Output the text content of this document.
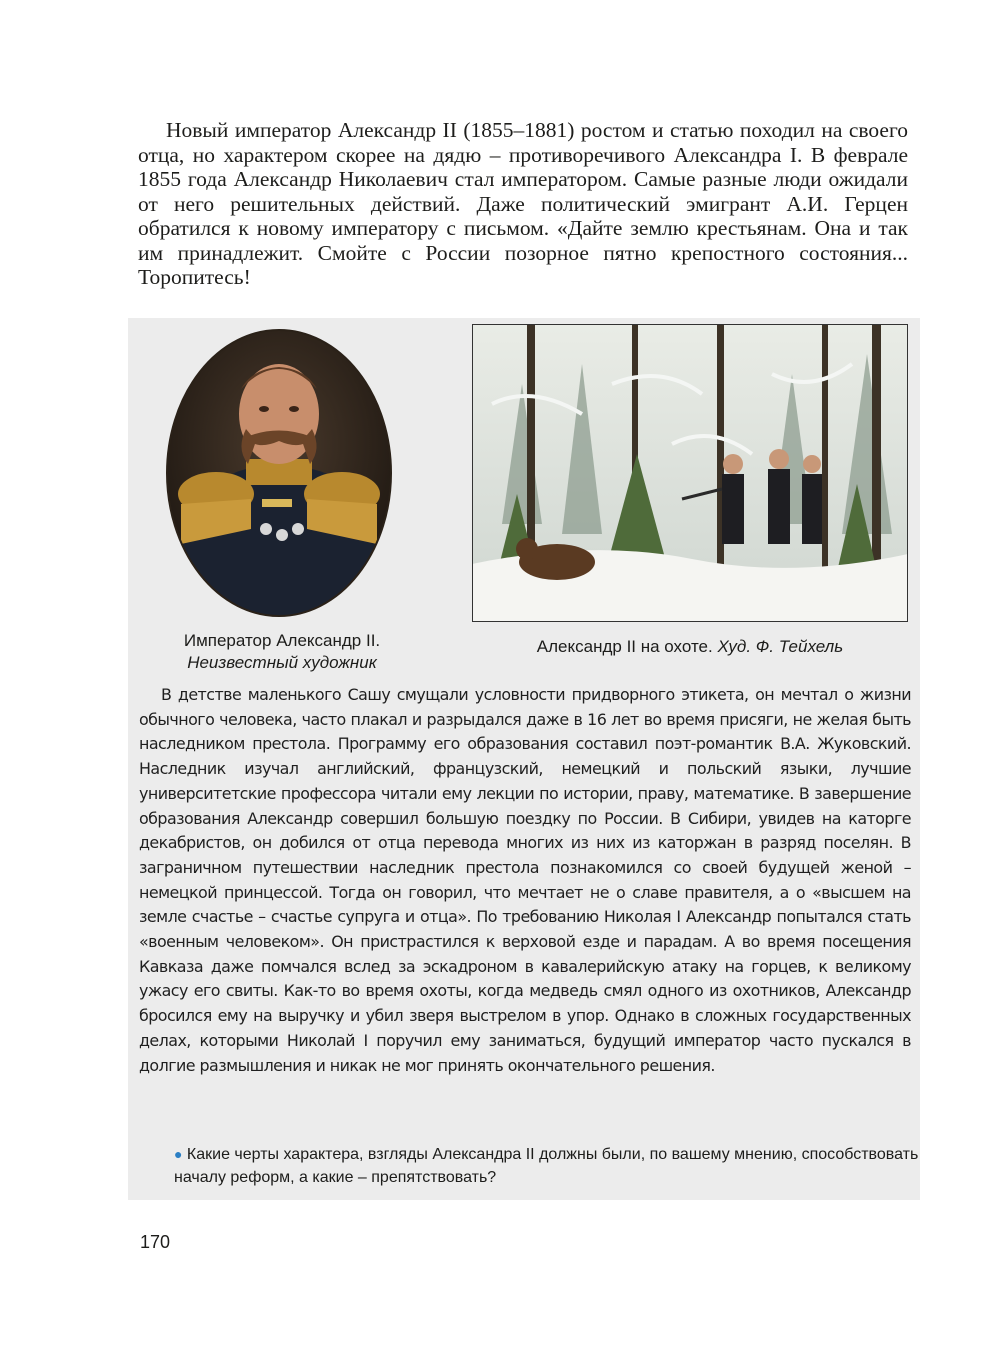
Новый император Александр II (1855–1881) ростом и статью походил на своего отца, но характером скорее на дядю – противоречивого Александра I. В феврале 1855 года Александр Николаевич стал императором. Самые разные люди ожидали от него решительных действий. Даже политический эмигрант А.И. Герцен обратился к новому императору с письмом. «Дайте землю крестьянам. Она и так им принадлежит. Смойте с России позорное пятно крепостного состояния... Торопитесь!

Император Александр II.
Неизвестный художник
Александр II на охоте. Худ. Ф. Тейхель

В детстве маленького Сашу смущали условности придворного этикета, он мечтал о жизни обычного человека, часто плакал и разрыдался даже в 16 лет во время присяги, не желая быть наследником престола. Программу его образования составил поэт-романтик В.А. Жуковский. Наследник изучал английский, французский, немецкий и польский языки, лучшие университетские профессора читали ему лекции по истории, праву, математике. В завершение образования Александр совершил большую поездку по России. В Сибири, увидев на каторге декабристов, он добился от отца перевода многих из них из каторжан в разряд поселян. В заграничном путешествии наследник престола познакомился со своей будущей женой – немецкой принцессой. Тогда он говорил, что мечтает не о славе правителя, а о «высшем на земле счастье – счастье супруга и отца». По требованию Николая I Александр попытался стать «военным человеком». Он пристрастился к верховой езде и парадам. А во время посещения Кавказа даже помчался вслед за эскадроном в кавалерийскую атаку на горцев, к великому ужасу его свиты. Как-то во время охоты, когда медведь смял одного из охотников, Александр бросился ему на выручку и убил зверя выстрелом в упор. Однако в сложных государственных делах, которыми Николай I поручил ему заниматься, будущий император часто пускался в долгие размышления и никак не мог принять окончательного решения.

● Какие черты характера, взгляды Александра II должны были, по вашему мнению, способствовать началу реформ, а какие – препятствовать?

170
